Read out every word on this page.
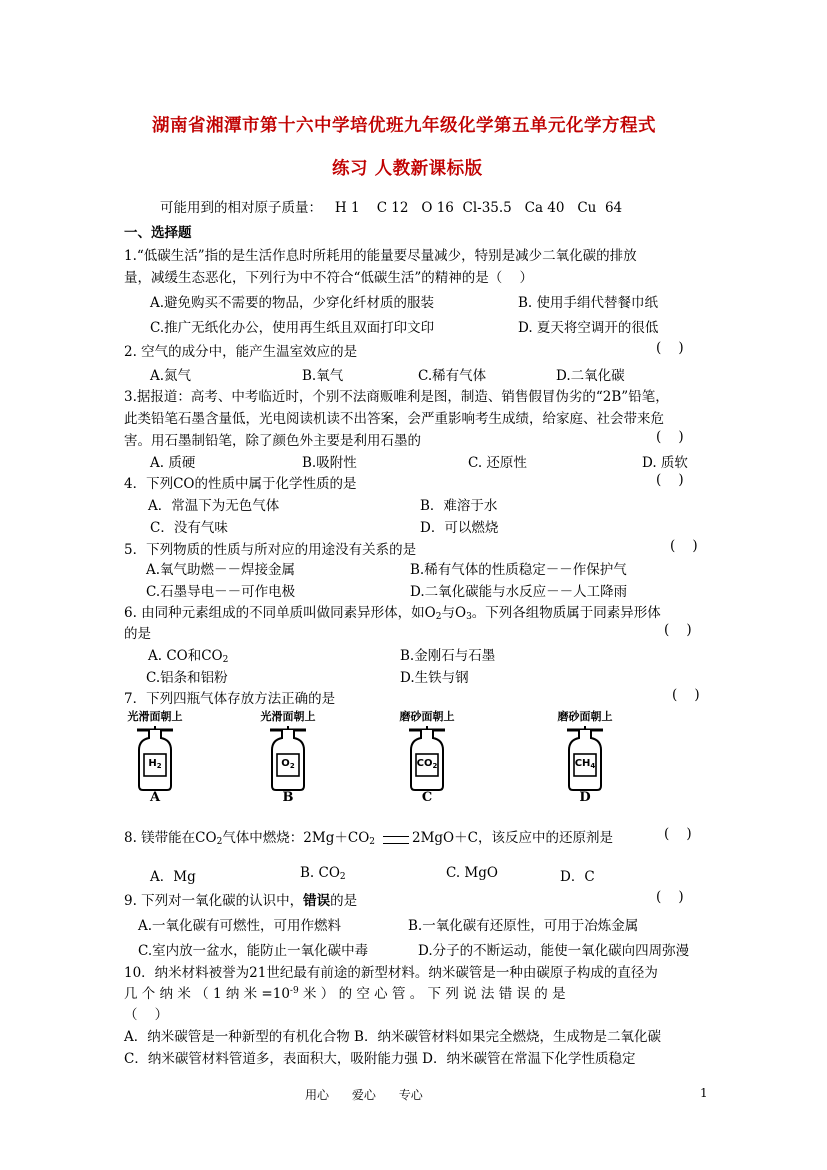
湖南省湘潭市第十六中学培优班九年级化学第五单元化学方程式
练习 人教新课标版
可能用到的相对原子质量：   H 1    C 12   O 16  Cl-35.5   Ca 40   Cu  64
一、选择题
1.“低碳生活”指的是生活作息时所耗用的能量要尽量减少，特别是减少二氧化碳的排放
量，减缓生态恶化，下列行为中不符合“低碳生活”的精神的是（    ）
A.避免购买不需要的物品，少穿化纤材质的服装	B. 使用手绢代替餐巾纸
C.推广无纸化办公，使用再生纸且双面打印文印	D. 夏天将空调开的很低
2. 空气的成分中，能产生温室效应的是	(    )
A.氮气	B.氧气	C.稀有气体	D.二氧化碳
3.据报道：高考、中考临近时，个别不法商贩唯利是图，制造、销售假冒伪劣的“2B”铅笔，
此类铅笔石墨含量低，光电阅读机读不出答案，会严重影响考生成绩，给家庭、社会带来危
害。用石墨制铅笔，除了颜色外主要是利用石墨的	(    )
A. 质硬	B.吸附性	C. 还原性	D. 质软
4．下列CO的性质中属于化学性质的是	(    )
A．常温下为无色气体	B．难溶于水
C．没有气味	D．可以燃烧
5．下列物质的性质与所对应的用途没有关系的是	(    )
A.氧气助燃－－焊接金属	B.稀有气体的性质稳定－－作保护气
C.石墨导电－－可作电极	D.二氧化碳能与水反应－－人工降雨
6. 由同种元素组成的不同单质叫做同素异形体，如$O_2$与$O_3$。下列各组物质属于同素异形体
的是	(    )
A. CO和$CO_2$	B.金刚石与石墨
C.铝条和铝粉	D.生铁与钢
7．下列四瓶气体存放方法正确的是	(    )
光滑面朝上
$H_2$
A
光滑面朝上
$O_2$
B
磨砂面朝上
$CO_2$
C
磨砂面朝上
$CH_4$
D
8. 镁带能在$CO_2$气体中燃烧：$2Mg+CO_2$	2MgO＋C，该反应中的还原剂是	(    )
A．Mg	B. $CO_2$	C. MgO	D．C
9. 下列对一氧化碳的认识中，错误的是	(    )
A.一氧化碳有可燃性，可用作燃料	B.一氧化碳有还原性，可用于冶炼金属
C.室内放一盆水，能防止一氧化碳中毒	D.分子的不断运动，能使一氧化碳向四周弥漫
10．纳米材料被誉为21世纪最有前途的新型材料。纳米碳管是一种由碳原子构成的直径为
几 个 纳 米 （ 1 纳 米 $=10^{-9}$ 米 ） 的 空 心 管 。 下 列 说 法 错 误 的 是
（    ）
A．纳米碳管是一种新型的有机化合物 B．纳米碳管材料如果完全燃烧，生成物是二氧化碳
C．纳米碳管材料管道多，表面积大，吸附能力强 D．纳米碳管在常温下化学性质稳定
用心      爱心      专心	1
